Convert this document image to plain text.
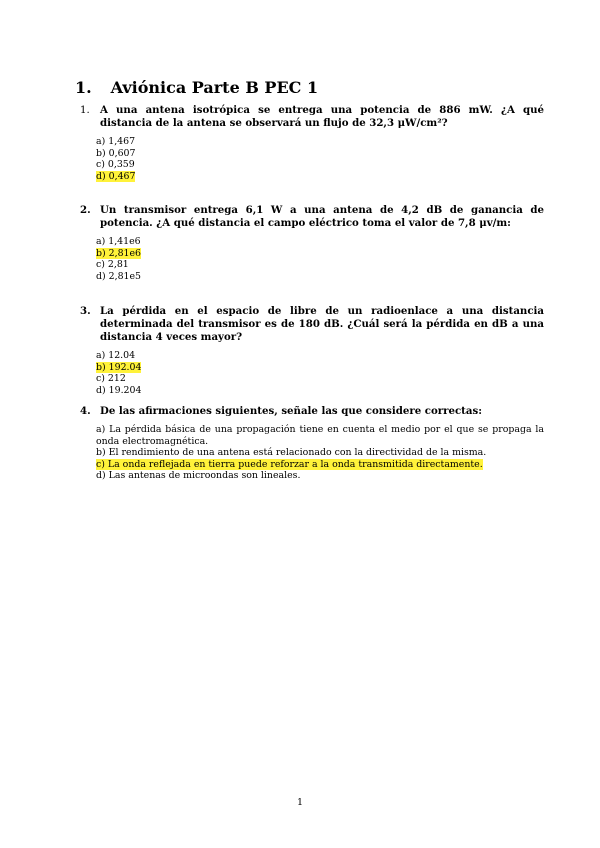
1. Aviónica Parte B PEC 1
1. A una antena isotrópica se entrega una potencia de 886 mW. ¿A qué distancia de la antena se observará un flujo de 32,3 μW/cm²?
a) 1,467
b) 0,607
c) 0,359
d) 0,467
2. Un transmisor entrega 6,1 W a una antena de 4,2 dB de ganancia de potencia. ¿A qué distancia el campo eléctrico toma el valor de 7,8 μv/m:
a) 1,41e6
b) 2,81e6
c) 2,81
d) 2,81e5
3. La pérdida en el espacio de libre de un radioenlace a una distancia determinada del transmisor es de 180 dB. ¿Cuál será la pérdida en dB a una distancia 4 veces mayor?
a) 12.04
b) 192.04
c) 212
d) 19.204
4. De las afirmaciones siguientes, señale las que considere correctas:
a) La pérdida básica de una propagación tiene en cuenta el medio por el que se propaga la onda electromagnética.
b) El rendimiento de una antena está relacionado con la directividad de la misma.
c) La onda reflejada en tierra puede reforzar a la onda transmitida directamente.
d) Las antenas de microondas son lineales.
1
